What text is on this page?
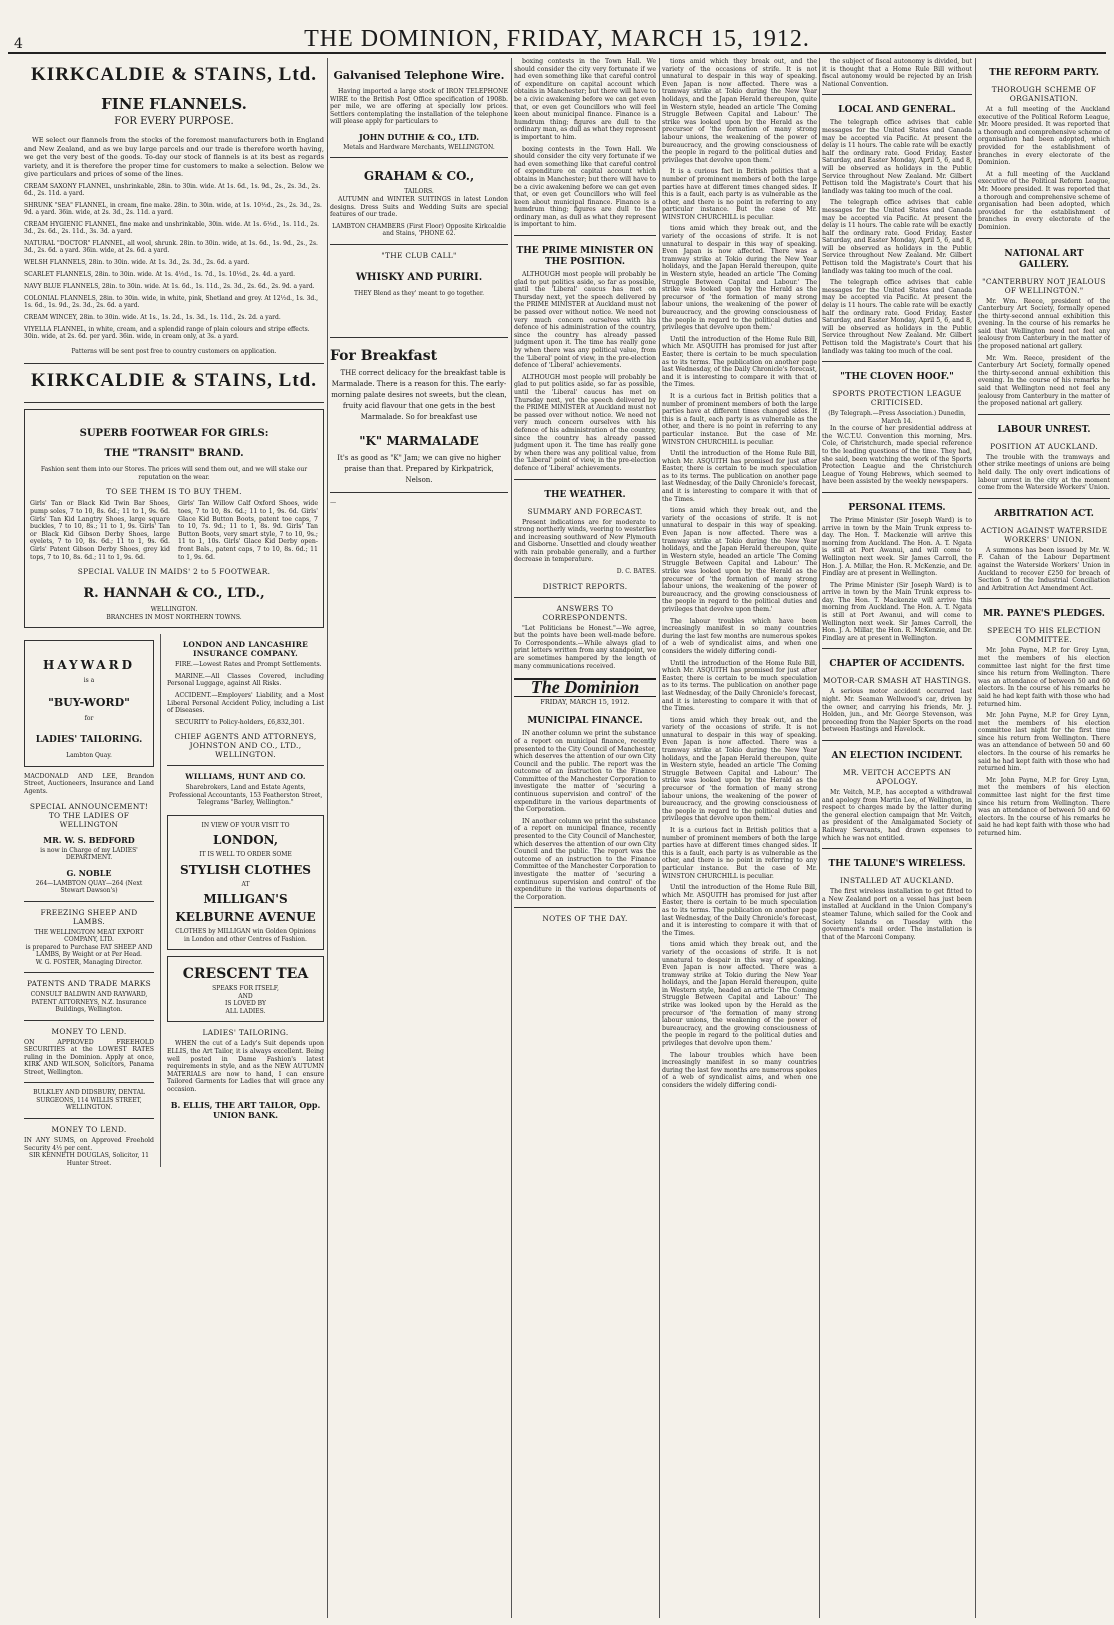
4	THE DOMINION, FRIDAY, MARCH 15, 1912.
KIRKCALDIE & STAINS, Ltd.
FINE FLANNELS.
FOR EVERY PURPOSE.
WE select our flannels from the stocks of the foremost manufacturers both in England and New Zealand, and as we buy large parcels and our trade is therefore worth having, we get the very best of the goods. To-day our stock of flannels is at its best as regards variety, and it is therefore the proper time for customers to make a selection. Below we give particulars and prices of some of the lines.
CREAM SAXONY FLANNEL, unshrinkable, 28in. to 30in. wide. At 1s. 6d., 1s. 9d., 2s., 2s. 3d., 2s. 6d., 2s. 11d. a yard.
SHRUNK "SEA" FLANNEL, in cream, fine make. 28in. to 30in. wide, at 1s. 10½d., 2s., 2s. 3d., 2s. 9d. a yard. 36in. wide, at 2s. 3d., 2s. 11d. a yard.
CREAM HYGIENIC FLANNEL, fine make and unshrinkable, 30in. wide. At 1s. 6½d., 1s. 11d., 2s. 3d., 2s. 6d., 2s. 11d., 3s. 3d. a yard.
NATURAL "DOCTOR" FLANNEL, all wool, shrunk. 28in. to 30in. wide, at 1s. 6d., 1s. 9d., 2s., 2s. 3d., 2s. 6d. a yard. 36in. wide, at 2s. 6d. a yard.
WELSH FLANNELS, 28in. to 30in. wide. At 1s. 3d., 2s. 3d., 2s. 6d. a yard.
SCARLET FLANNELS, 28in. to 30in. wide. At 1s. 4½d., 1s. 7d., 1s. 10½d., 2s. 4d. a yard.
NAVY BLUE FLANNELS, 28in. to 30in. wide. At 1s. 6d., 1s. 11d., 2s. 3d., 2s. 6d., 2s. 9d. a yard.
COLONIAL FLANNELS, 28in. to 30in. wide, in white, pink, Shetland and grey. At 12½d., 1s. 3d., 1s. 6d., 1s. 9d., 2s. 3d., 2s. 6d. a yard.
CREAM WINCEY, 28in. to 30in. wide. At 1s., 1s. 2d., 1s. 3d., 1s. 11d., 2s. 2d. a yard.
VIYELLA FLANNEL, in white, cream, and a splendid range of plain colours and stripe effects. 30in. wide, at 2s. 6d. per yard. 36in. wide, in cream only, at 3s. a yard.
Patterns will be sent post free to country customers on application.
KIRKCALDIE & STAINS, Ltd.
SUPERB FOOTWEAR FOR GIRLS:
THE "TRANSIT" BRAND.
Fashion sent them into our Stores. The prices will send them out, and we will stake our reputation on the wear.
TO SEE THEM IS TO BUY THEM.
Girls' Tan or Black Kid Twin Bar Shoes, pump soles, 7 to 10, 8s. 6d.; 11 to 1, 9s. 6d. Girls' Tan Kid Langtry Shoes, large square buckles, 7 to 10, 8s.; 11 to 1, 9s. Girls' Tan or Black Kid Gibson Derby Shoes, large eyelets, 7 to 10, 8s. 6d.; 11 to 1, 9s. 6d. Girls' Patent Gibson Derby Shoes, grey kid tops, 7 to 10, 8s. 6d.; 11 to 1, 9s. 6d.
Girls' Tan Willow Calf Oxford Shoes, wide toes, 7 to 10, 8s. 6d.; 11 to 1, 9s. 6d. Girls' Glace Kid Button Boots, patent toe caps, 7 to 10, 7s. 9d.; 11 to 1, 8s. 9d. Girls' Tan Button Boots, very smart style, 7 to 10, 9s.; 11 to 1, 10s. Girls' Glace Kid Derby open-front Bals., patent caps, 7 to 10, 8s. 6d.; 11 to 1, 9s. 6d.
SPECIAL VALUE IN MAIDS' 2 to 5 FOOTWEAR.
R. HANNAH & CO., LTD.,
WELLINGTON.
BRANCHES IN MOST NORTHERN TOWNS.
HAYWARD
is a
"BUY-WORD"
for
LADIES' TAILORING.
Lambton Quay.
MACDONALD AND LEE, Brandon Street, Auctioneers, Insurance and Land Agents.
SPECIAL ANNOUNCEMENT! TO THE LADIES OF WELLINGTON
MR. W. S. BEDFORD
is now in Charge of my LADIES' DEPARTMENT.
G. NOBLE
264—LAMBTON QUAY—264 (Next Stewart Dawson's)
FREEZING SHEEP AND LAMBS.
THE WELLINGTON MEAT EXPORT COMPANY, LTD.
is prepared to Purchase FAT SHEEP AND LAMBS, By Weight or at Per Head.
W. G. FOSTER, Managing Director.
PATENTS AND TRADE MARKS
CONSULT BALDWIN AND RAYWARD, PATENT ATTORNEYS, N.Z. Insurance Buildings, Wellington.
MONEY TO LEND.
ON APPROVED FREEHOLD SECURITIES at the LOWEST RATES ruling in the Dominion. Apply at once, KIRK AND WILSON, Solicitors, Panama Street, Wellington.
BULKLEY AND DIDSBURY, DENTAL SURGEONS, 114 WILLIS STREET, WELLINGTON.
MONEY TO LEND.
IN ANY SUMS, on Approved Freehold Security 4½ per cent.
SIR KENNETH DOUGLAS, Solicitor, 11 Hunter Street.
LONDON AND LANCASHIRE INSURANCE COMPANY.
FIRE.—Lowest Rates and Prompt Settlements.
MARINE.—All Classes Covered, including Personal Luggage, against All Risks.
ACCIDENT.—Employers' Liability, and a Most Liberal Personal Accident Policy, including a List of Diseases.
SECURITY to Policy-holders, £6,832,301.
CHIEF AGENTS AND ATTORNEYS, JOHNSTON AND CO., LTD., WELLINGTON.
WILLIAMS, HUNT AND CO.
Sharebrokers, Land and Estate Agents, Professional Accountants, 153 Featherston Street, Telegrams "Barley, Wellington."
IN VIEW OF YOUR VISIT TO
LONDON,
IT IS WELL TO ORDER SOME
STYLISH CLOTHES
AT
MILLIGAN'S
KELBURNE AVENUE
CLOTHES by MILLIGAN win Golden Opinions in London and other Centres of Fashion.
CRESCENT TEA
SPEAKS FOR ITSELF,
AND
IS LOVED BY
ALL LADIES.
LADIES' TAILORING.
WHEN the cut of a Lady's Suit depends upon ELLIS, the Art Tailor, it is always excellent. Being well posted in Dame Fashion's latest requirements in style, and as the NEW AUTUMN MATERIALS are now to hand, I can ensure Tailored Garments for Ladies that will grace any occasion.
B. ELLIS, THE ART TAILOR, Opp. UNION BANK.
Galvanised Telephone Wire.
Having imported a large stock of IRON TELEPHONE WIRE to the British Post Office specification of 1908b. per mile, we are offering at specially low prices. Settlers contemplating the installation of the telephone will please apply for particulars to
JOHN DUTHIE & CO., LTD.
Metals and Hardware Merchants, WELLINGTON.
GRAHAM & CO.,
TAILORS.
AUTUMN and WINTER SUITINGS in latest London designs. Dress Suits and Wedding Suits are special features of our trade.
LAMBTON CHAMBERS (First Floor) Opposite Kirkcaldie and Stains, 'PHONE 62.
"THE CLUB CALL"
WHISKY AND PURIRI.
THEY Blend as they' meant to go together.
For Breakfast
THE correct delicacy for the breakfast table is Marmalade. There is a reason for this. The early-morning palate desires not sweets, but the clean, fruity acid flavour that one gets in the best Marmalade. So for breakfast use
"K" MARMALADE
It's as good as "K" Jam; we can give no higher praise than that. Prepared by Kirkpatrick, Nelson.
—
boxing contests in the Town Hall. We should consider the city very fortunate if we had even something like that careful control of expenditure on capital account which obtains in Manchester; but there will have to be a civic awakening before we can get even that, or even get Councillors who will feel keen about municipal finance. Finance is a humdrum thing; figures are dull to the ordinary man, as dull as what they represent is important to him.
boxing contests in the Town Hall. We should consider the city very fortunate if we had even something like that careful control of expenditure on capital account which obtains in Manchester; but there will have to be a civic awakening before we can get even that, or even get Councillors who will feel keen about municipal finance. Finance is a humdrum thing; figures are dull to the ordinary man, as dull as what they represent is important to him.
THE PRIME MINISTER ON THE POSITION.
ALTHOUGH most people will probably be glad to put politics aside, so far as possible, until the 'Liberal' caucus has met on Thursday next, yet the speech delivered by the PRIME MINISTER at Auckland must not be passed over without notice. We need not very much concern ourselves with his defence of his administration of the country, since the country has already passed judgment upon it. The time has really gone by when there was any political value, from the 'Liberal' point of view, in the pre-election defence of 'Liberal' achievements.
ALTHOUGH most people will probably be glad to put politics aside, so far as possible, until the 'Liberal' caucus has met on Thursday next, yet the speech delivered by the PRIME MINISTER at Auckland must not be passed over without notice. We need not very much concern ourselves with his defence of his administration of the country, since the country has already passed judgment upon it. The time has really gone by when there was any political value, from the 'Liberal' point of view, in the pre-election defence of 'Liberal' achievements.
THE WEATHER.
SUMMARY AND FORECAST.
Present indications are for moderate to strong northerly winds, veering to westerlies and increasing southward of New Plymouth and Gisborne. Unsettled and cloudy weather with rain probable generally, and a further decrease in temperature.
D. C. BATES.
DISTRICT REPORTS.
ANSWERS TO CORRESPONDENTS.
"Let Politicians be Honest."—We agree, but the points have been well-made before. To Correspondents.—While always glad to print letters written from any standpoint, we are sometimes hampered by the length of many communications received.
The Dominion
FRIDAY, MARCH 15, 1912.
MUNICIPAL FINANCE.
IN another column we print the substance of a report on municipal finance, recently presented to the City Council of Manchester, which deserves the attention of our own City Council and the public. The report was the outcome of an instruction to the Finance Committee of the Manchester Corporation to investigate the matter of 'securing a continuous supervision and control' of the expenditure in the various departments of the Corporation.
IN another column we print the substance of a report on municipal finance, recently presented to the City Council of Manchester, which deserves the attention of our own City Council and the public. The report was the outcome of an instruction to the Finance Committee of the Manchester Corporation to investigate the matter of 'securing a continuous supervision and control' of the expenditure in the various departments of the Corporation.
NOTES OF THE DAY.
tions amid which they break out, and the variety of the occasions of strife. It is not unnatural to despair in this way of speaking. Even Japan is now affected. There was a tramway strike at Tokio during the New Year holidays, and the Japan Herald thereupon, quite in Western style, headed an article 'The Coming Struggle Between Capital and Labour.' The strike was looked upon by the Herald as the precursor of 'the formation of many strong labour unions, the weakening of the power of bureaucracy, and the growing consciousness of the people in regard to the political duties and privileges that devolve upon them.'
It is a curious fact in British politics that a number of prominent members of both the large parties have at different times changed sides. If this is a fault, each party is as vulnerable as the other, and there is no point in referring to any particular instance. But the case of Mr. WINSTON CHURCHILL is peculiar.
tions amid which they break out, and the variety of the occasions of strife. It is not unnatural to despair in this way of speaking. Even Japan is now affected. There was a tramway strike at Tokio during the New Year holidays, and the Japan Herald thereupon, quite in Western style, headed an article 'The Coming Struggle Between Capital and Labour.' The strike was looked upon by the Herald as the precursor of 'the formation of many strong labour unions, the weakening of the power of bureaucracy, and the growing consciousness of the people in regard to the political duties and privileges that devolve upon them.'
Until the introduction of the Home Rule Bill, which Mr. ASQUITH has promised for just after Easter, there is certain to be much speculation as to its terms. The publication on another page last Wednesday, of the Daily Chronicle's forecast, and it is interesting to compare it with that of the Times.
It is a curious fact in British politics that a number of prominent members of both the large parties have at different times changed sides. If this is a fault, each party is as vulnerable as the other, and there is no point in referring to any particular instance. But the case of Mr. WINSTON CHURCHILL is peculiar.
Until the introduction of the Home Rule Bill, which Mr. ASQUITH has promised for just after Easter, there is certain to be much speculation as to its terms. The publication on another page last Wednesday, of the Daily Chronicle's forecast, and it is interesting to compare it with that of the Times.
tions amid which they break out, and the variety of the occasions of strife. It is not unnatural to despair in this way of speaking. Even Japan is now affected. There was a tramway strike at Tokio during the New Year holidays, and the Japan Herald thereupon, quite in Western style, headed an article 'The Coming Struggle Between Capital and Labour.' The strike was looked upon by the Herald as the precursor of 'the formation of many strong labour unions, the weakening of the power of bureaucracy, and the growing consciousness of the people in regard to the political duties and privileges that devolve upon them.'
The labour troubles which have been increasingly manifest in so many countries during the last few months are numerous spokes of a web of syndicalist aims, and when one considers the widely differing condi-
Until the introduction of the Home Rule Bill, which Mr. ASQUITH has promised for just after Easter, there is certain to be much speculation as to its terms. The publication on another page last Wednesday, of the Daily Chronicle's forecast, and it is interesting to compare it with that of the Times.
tions amid which they break out, and the variety of the occasions of strife. It is not unnatural to despair in this way of speaking. Even Japan is now affected. There was a tramway strike at Tokio during the New Year holidays, and the Japan Herald thereupon, quite in Western style, headed an article 'The Coming Struggle Between Capital and Labour.' The strike was looked upon by the Herald as the precursor of 'the formation of many strong labour unions, the weakening of the power of bureaucracy, and the growing consciousness of the people in regard to the political duties and privileges that devolve upon them.'
It is a curious fact in British politics that a number of prominent members of both the large parties have at different times changed sides. If this is a fault, each party is as vulnerable as the other, and there is no point in referring to any particular instance. But the case of Mr. WINSTON CHURCHILL is peculiar.
Until the introduction of the Home Rule Bill, which Mr. ASQUITH has promised for just after Easter, there is certain to be much speculation as to its terms. The publication on another page last Wednesday, of the Daily Chronicle's forecast, and it is interesting to compare it with that of the Times.
tions amid which they break out, and the variety of the occasions of strife. It is not unnatural to despair in this way of speaking. Even Japan is now affected. There was a tramway strike at Tokio during the New Year holidays, and the Japan Herald thereupon, quite in Western style, headed an article 'The Coming Struggle Between Capital and Labour.' The strike was looked upon by the Herald as the precursor of 'the formation of many strong labour unions, the weakening of the power of bureaucracy, and the growing consciousness of the people in regard to the political duties and privileges that devolve upon them.'
The labour troubles which have been increasingly manifest in so many countries during the last few months are numerous spokes of a web of syndicalist aims, and when one considers the widely differing condi-
the subject of fiscal autonomy is divided, but it is thought that a Home Rule Bill without fiscal autonomy would be rejected by an Irish National Convention.
LOCAL AND GENERAL.
The telegraph office advises that cable messages for the United States and Canada may be accepted via Pacific. At present the delay is 11 hours. The cable rate will be exactly half the ordinary rate. Good Friday, Easter Saturday, and Easter Monday, April 5, 6, and 8, will be observed as holidays in the Public Service throughout New Zealand. Mr. Gilbert Pettison told the Magistrate's Court that his landlady was taking too much of the coal.
The telegraph office advises that cable messages for the United States and Canada may be accepted via Pacific. At present the delay is 11 hours. The cable rate will be exactly half the ordinary rate. Good Friday, Easter Saturday, and Easter Monday, April 5, 6, and 8, will be observed as holidays in the Public Service throughout New Zealand. Mr. Gilbert Pettison told the Magistrate's Court that his landlady was taking too much of the coal.
The telegraph office advises that cable messages for the United States and Canada may be accepted via Pacific. At present the delay is 11 hours. The cable rate will be exactly half the ordinary rate. Good Friday, Easter Saturday, and Easter Monday, April 5, 6, and 8, will be observed as holidays in the Public Service throughout New Zealand. Mr. Gilbert Pettison told the Magistrate's Court that his landlady was taking too much of the coal.
"THE CLOVEN HOOF."
SPORTS PROTECTION LEAGUE CRITICISED.
(By Telegraph.—Press Association.) Dunedin, March 14.
In the course of her presidential address at the W.C.T.U. Convention this morning, Mrs. Cole, of Christchurch, made special reference to the leading questions of the time. They had, she said, been watching the work of the Sports Protection League and the Christchurch League of Young Hebrews, which seemed to have been assisted by the weekly newspapers.
PERSONAL ITEMS.
The Prime Minister (Sir Joseph Ward) is to arrive in town by the Main Trunk express to-day. The Hon. T. Mackenzie will arrive this morning from Auckland. The Hon. A. T. Ngata is still at Port Awanui, and will come to Wellington next week. Sir James Carroll, the Hon. J. A. Millar, the Hon. R. McKenzie, and Dr. Findlay are at present in Wellington.
The Prime Minister (Sir Joseph Ward) is to arrive in town by the Main Trunk express to-day. The Hon. T. Mackenzie will arrive this morning from Auckland. The Hon. A. T. Ngata is still at Port Awanui, and will come to Wellington next week. Sir James Carroll, the Hon. J. A. Millar, the Hon. R. McKenzie, and Dr. Findlay are at present in Wellington.
CHAPTER OF ACCIDENTS.
MOTOR-CAR SMASH AT HASTINGS.
A serious motor accident occurred last night. Mr. Seaman Wellwood's car, driven by the owner, and carrying his friends, Mr. J. Holden, jun., and Mr. George Stevenson, was proceeding from the Napier Sports on the road between Hastings and Havelock.
AN ELECTION INCIDENT.
MR. VEITCH ACCEPTS AN APOLOGY.
Mr. Veitch, M.P., has accepted a withdrawal and apology from Martin Lee, of Wellington, in respect to charges made by the latter during the general election campaign that Mr. Veitch, as president of the Amalgamated Society of Railway Servants, had drawn expenses to which he was not entitled.
THE TALUNE'S WIRELESS.
INSTALLED AT AUCKLAND.
The first wireless installation to get fitted to a New Zealand port on a vessel has just been installed at Auckland in the Union Company's steamer Talune, which sailed for the Cook and Society Islands on Tuesday with the government's mail order. The installation is that of the Marconi Company.
THE REFORM PARTY.
THOROUGH SCHEME OF ORGANISATION.
At a full meeting of the Auckland executive of the Political Reform League, Mr. Moore presided. It was reported that a thorough and comprehensive scheme of organisation had been adopted, which provided for the establishment of branches in every electorate of the Dominion.
At a full meeting of the Auckland executive of the Political Reform League, Mr. Moore presided. It was reported that a thorough and comprehensive scheme of organisation had been adopted, which provided for the establishment of branches in every electorate of the Dominion.
NATIONAL ART GALLERY.
"CANTERBURY NOT JEALOUS OF WELLINGTON."
Mr. Wm. Reece, president of the Canterbury Art Society, formally opened the thirty-second annual exhibition this evening. In the course of his remarks he said that Wellington need not feel any jealousy from Canterbury in the matter of the proposed national art gallery.
Mr. Wm. Reece, president of the Canterbury Art Society, formally opened the thirty-second annual exhibition this evening. In the course of his remarks he said that Wellington need not feel any jealousy from Canterbury in the matter of the proposed national art gallery.
LABOUR UNREST.
POSITION AT AUCKLAND.
The trouble with the tramways and other strike meetings of unions are being held daily. The only overt indications of labour unrest in the city at the moment come from the Waterside Workers' Union.
ARBITRATION ACT.
ACTION AGAINST WATERSIDE WORKERS' UNION.
A summons has been issued by Mr. W. F. Cahan of the Labour Department against the Waterside Workers' Union in Auckland to recover £250 for breach of Section 5 of the Industrial Conciliation and Arbitration Act Amendment Act.
MR. PAYNE'S PLEDGES.
SPEECH TO HIS ELECTION COMMITTEE.
Mr. John Payne, M.P. for Grey Lynn, met the members of his election committee last night for the first time since his return from Wellington. There was an attendance of between 50 and 60 electors. In the course of his remarks he said he had kept faith with those who had returned him.
Mr. John Payne, M.P. for Grey Lynn, met the members of his election committee last night for the first time since his return from Wellington. There was an attendance of between 50 and 60 electors. In the course of his remarks he said he had kept faith with those who had returned him.
Mr. John Payne, M.P. for Grey Lynn, met the members of his election committee last night for the first time since his return from Wellington. There was an attendance of between 50 and 60 electors. In the course of his remarks he said he had kept faith with those who had returned him.
